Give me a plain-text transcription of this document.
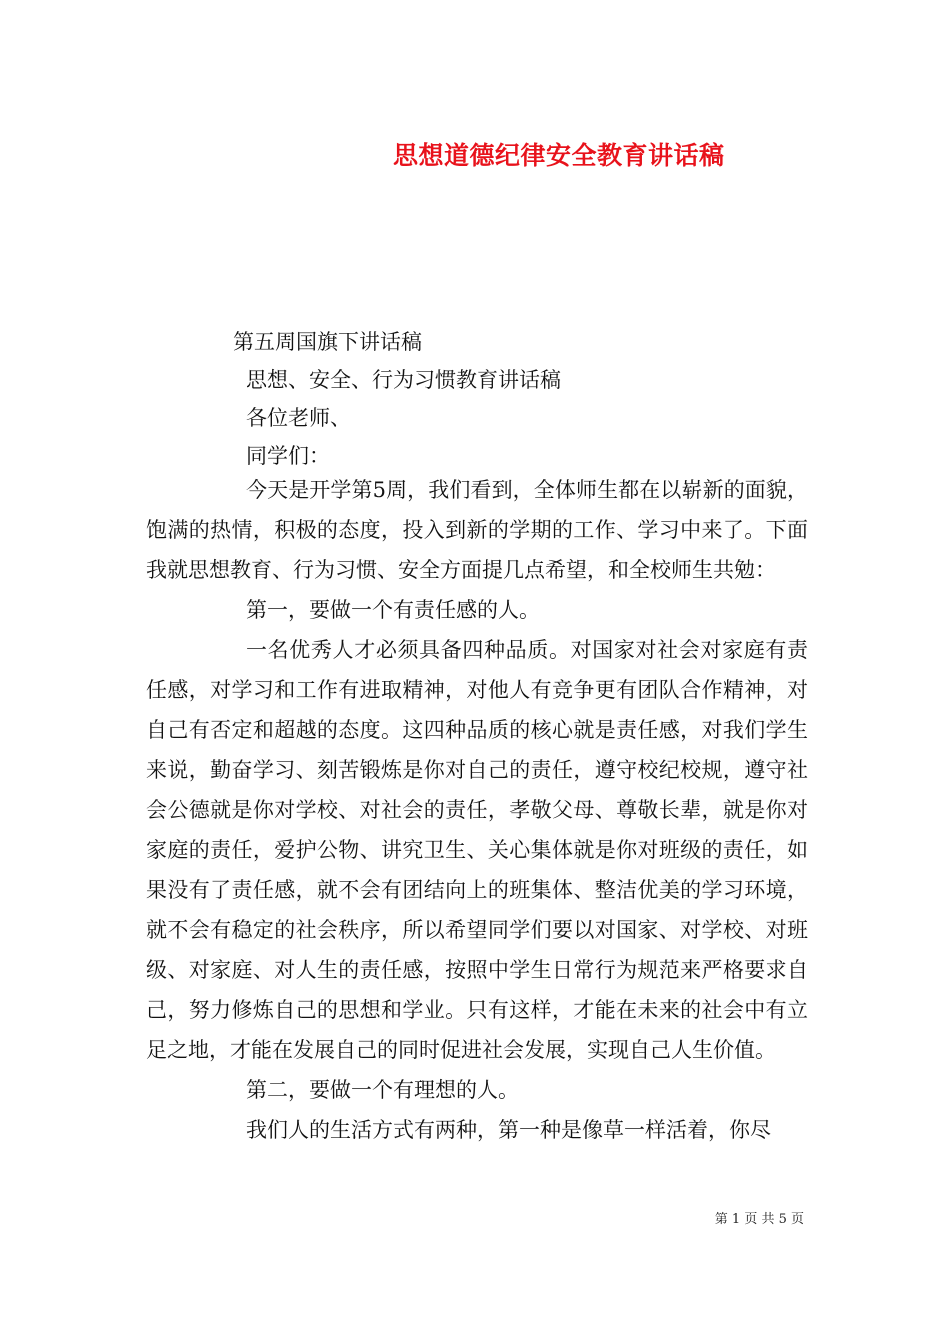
思想道德纪律安全教育讲话稿
第五周国旗下讲话稿
思想、安全、行为习惯教育讲话稿
各位老师、
同学们：

今天是开学第5周，我们看到，全体师生都在以崭新的面貌，饱满的热情，积极的态度，投入到新的学期的工作、学习中来了。下面我就思想教育、行为习惯、安全方面提几点希望，和全校师生共勉：

第一，要做一个有责任感的人。

一名优秀人才必须具备四种品质。对国家对社会对家庭有责任感，对学习和工作有进取精神，对他人有竞争更有团队合作精神，对自己有否定和超越的态度。这四种品质的核心就是责任感，对我们学生来说，勤奋学习、刻苦锻炼是你对自己的责任，遵守校纪校规，遵守社会公德就是你对学校、对社会的责任，孝敬父母、尊敬长辈，就是你对家庭的责任，爱护公物、讲究卫生、关心集体就是你对班级的责任，如果没有了责任感，就不会有团结向上的班集体、整洁优美的学习环境，就不会有稳定的社会秩序，所以希望同学们要以对国家、对学校、对班级、对家庭、对人生的责任感，按照中学生日常行为规范来严格要求自己，努力修炼自己的思想和学业。只有这样，才能在未来的社会中有立足之地，才能在发展自己的同时促进社会发展，实现自己人生价值。

第二，要做一个有理想的人。

我们人的生活方式有两种，第一种是像草一样活着，你尽

第 1 页 共 5 页
